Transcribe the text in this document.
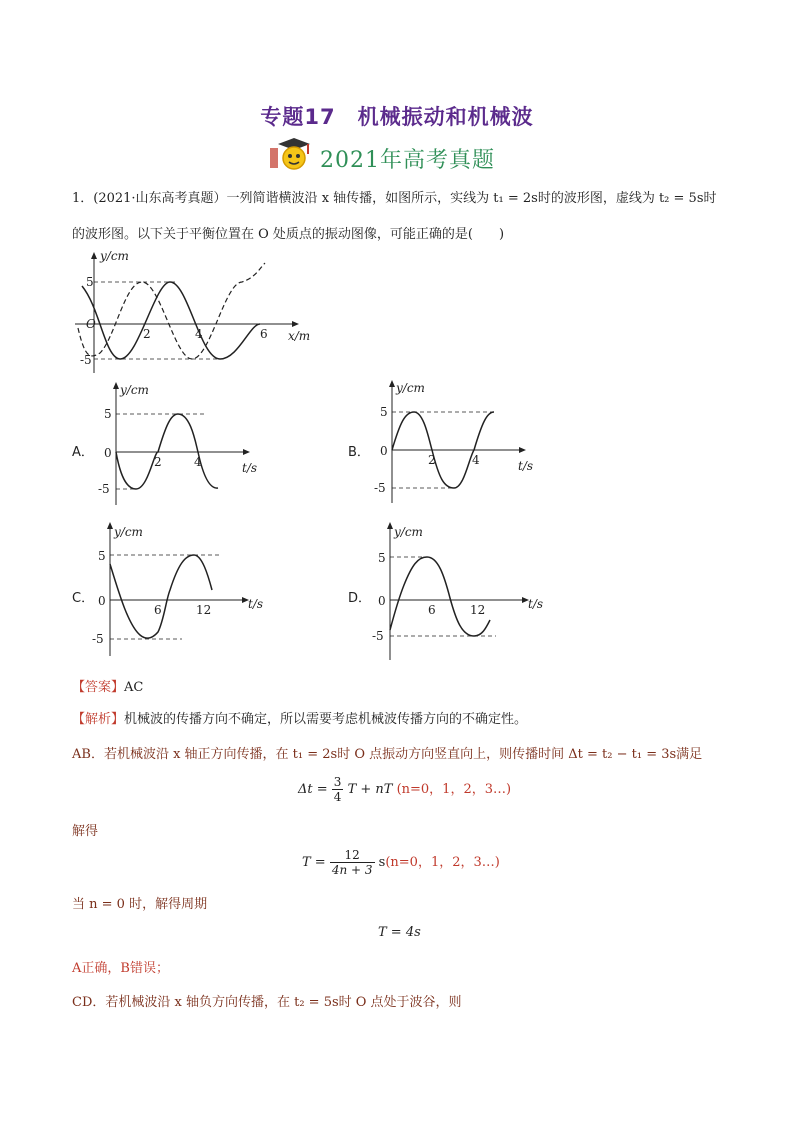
专题17　机械振动和机械波
2021年高考真题
1．(2021·山东高考真题）一列简谐横波沿 x 轴传播，如图所示，实线为 t₁ = 2s时的波形图，虚线为 t₂ = 5s时
的波形图。以下关于平衡位置在 O 处质点的振动图像，可能正确的是(　　)
y/cm
x/m
O
5
-5
2	4	6
A．
y/cm
t/s
5
0
-5
2	4
B．
y/cm
t/s
5
0
-5
2	4
C．
y/cm
t/s
5
0
-5
6	12
D．
y/cm
t/s
5
0
-5
6	12
【答案】AC
【解析】机械波的传播方向不确定，所以需要考虑机械波传播方向的不确定性。
AB．若机械波沿 x 轴正方向传播，在 t₁ = 2s时 O 点振动方向竖直向上，则传播时间 Δt = t₂ − t₁ = 3s满足
$\Delta t = \frac{3}{4}$ T + nT (n=0，1，2，3…)
解得
$T = \frac{12}{4n + 3} s(n=0$，1，2，3…)
当 n = 0 时，解得周期
T = 4s
A正确，B错误；
CD．若机械波沿 x 轴负方向传播，在 t₂ = 5s时 O 点处于波谷，则
